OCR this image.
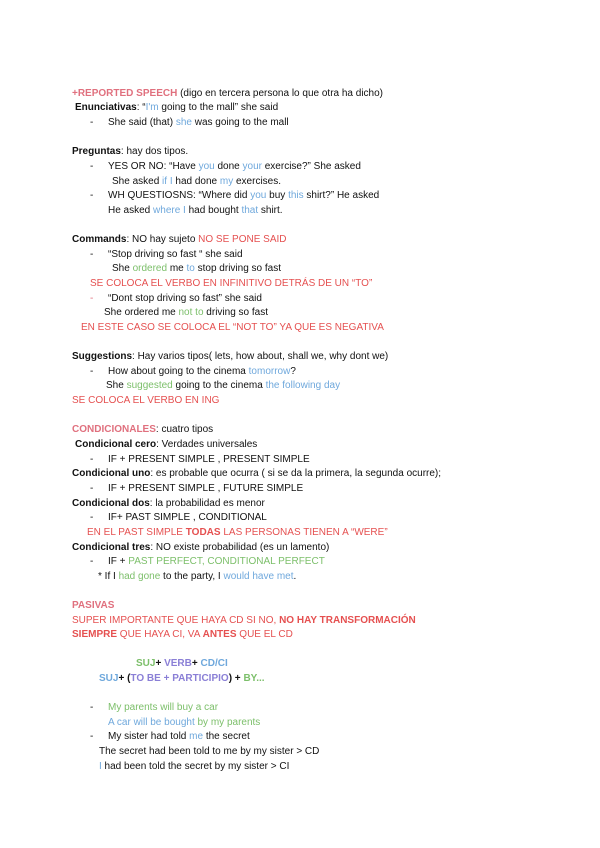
+REPORTED SPEECH (digo en tercera persona lo que otra ha dicho)
Enunciativas: “I'm going to the mall” she said
- She said (that) she was going to the mall
Preguntas: hay dos tipos.
- YES OR NO: “Have you done your exercise?” She asked
She asked if I had done my exercises.
- WH QUESTIOSNS: “Where did you buy this shirt?” He asked
He asked where I had bought that shirt.
Commands: NO hay sujeto NO SE PONE SAID
- “Stop driving so fast “ she said
She ordered me to stop driving so fast
SE COLOCA EL VERBO EN INFINITIVO DETRÁS DE UN “TO”
- “Dont stop driving so fast” she said
She ordered me not to driving so fast
EN ESTE CASO SE COLOCA EL “NOT TO” YA QUE ES NEGATIVA
Suggestions: Hay varios tipos( lets, how about, shall we, why dont we)
- How about going to the cinema tomorrow?
She suggested going to the cinema the following day
SE COLOCA EL VERBO EN ING
CONDICIONALES: cuatro tipos
Condicional cero: Verdades universales
- IF + PRESENT SIMPLE , PRESENT SIMPLE
Condicional uno: es probable que ocurra ( si se da la primera, la segunda ocurre);
- IF + PRESENT SIMPLE , FUTURE SIMPLE
Condicional dos: la probabilidad es menor
- IF+ PAST SIMPLE , CONDITIONAL
EN EL PAST SIMPLE TODAS LAS PERSONAS TIENEN A “WERE”
Condicional tres: NO existe probabilidad (es un lamento)
- IF + PAST PERFECT, CONDITIONAL PERFECT
* If I had gone to the party, I would have met.
PASIVAS
SUPER IMPORTANTE QUE HAYA CD SI NO, NO HAY TRANSFORMACIÓN
SIEMPRE QUE HAYA CI, VA ANTES QUE EL CD
SUJ+ VERB+ CD/CI
SUJ+ (TO BE + PARTICIPIO) + BY...
- My parents will buy a car
A car will be bought by my parents
- My sister had told me the secret
The secret had been told to me by my sister > CD
I had been told the secret by my sister > CI
